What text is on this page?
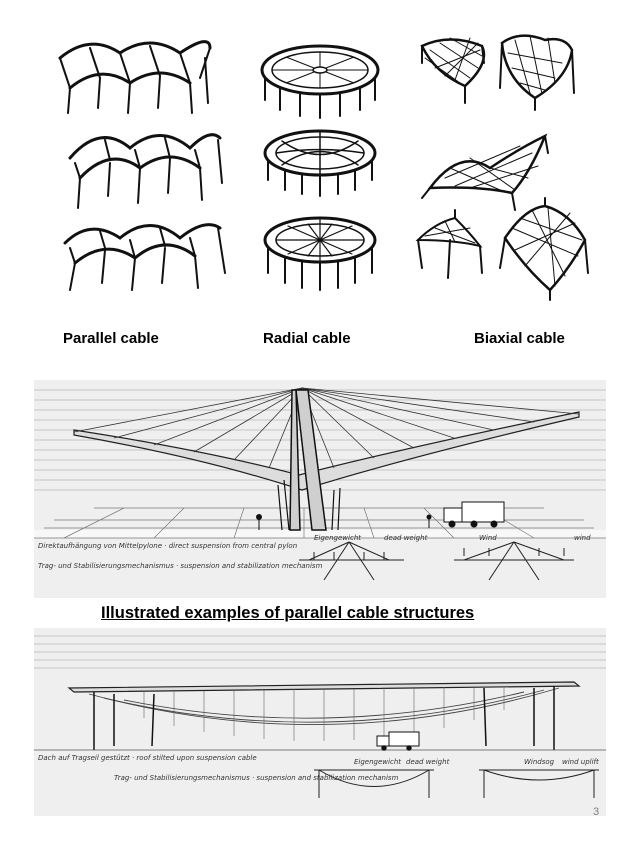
Parallel cable	Radial cable	Biaxial cable
Direktaufhängung von Mittelpylone · direct suspension from central pylon
Trag- und Stabilisierungsmechanismus · suspension and stabilization mechanism
Eigengewicht	dead weight	Wind	wind
Illustrated examples of parallel cable structures
Dach auf Tragseil gestützt · roof stilted upon suspension cable
Trag- und Stabilisierungsmechanismus · suspension and stabilization mechanism
Eigengewicht dead weight	Windsog wind uplift
3
